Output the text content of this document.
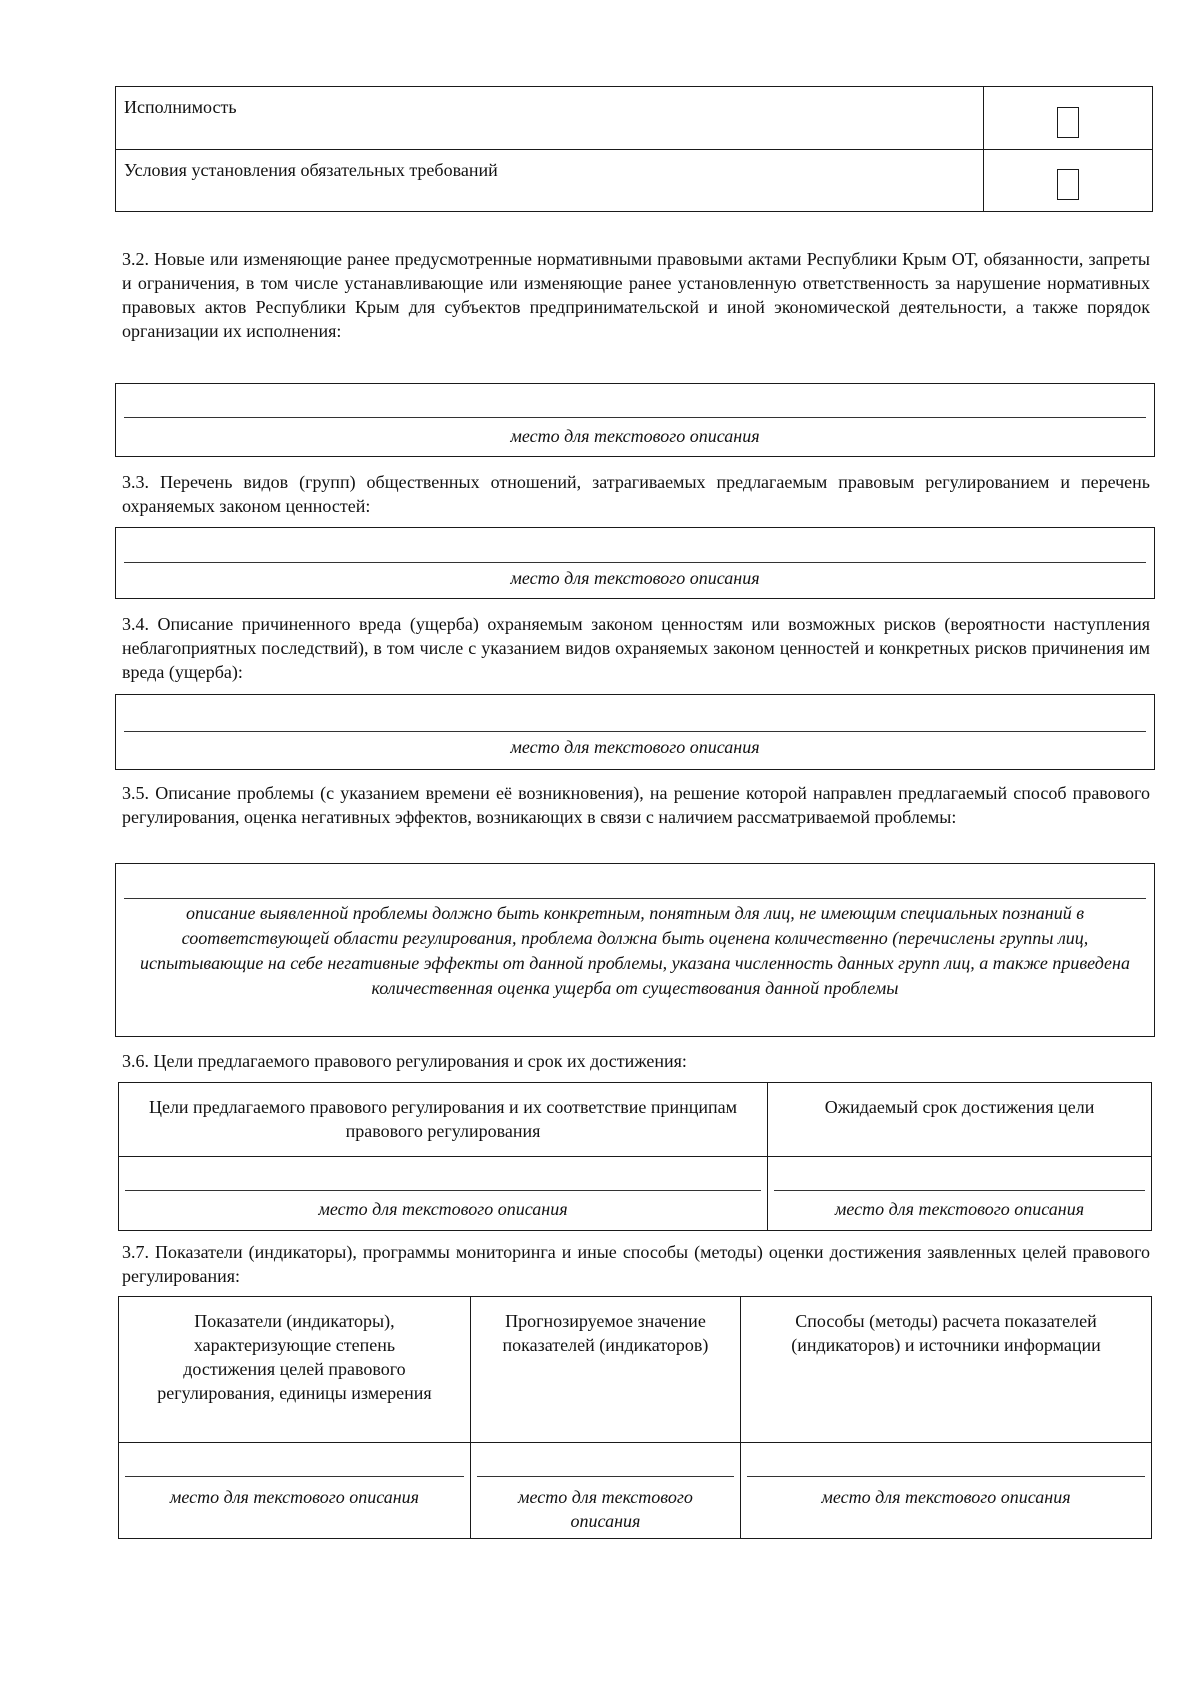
Исполнимость
Условия установления обязательных требований

3.2. Новые или изменяющие ранее предусмотренные нормативными правовыми актами Республики Крым ОТ, обязанности, запреты и ограничения, в том числе устанавливающие или изменяющие ранее установленную ответственность за нарушение нормативных правовых актов Республики Крым для субъектов предпринимательской и иной экономической деятельности, а также порядок организации их исполнения:

место для текстового описания

3.3. Перечень видов (групп) общественных отношений, затрагиваемых предлагаемым правовым регулированием и перечень охраняемых законом ценностей:

место для текстового описания

3.4. Описание причиненного вреда (ущерба) охраняемым законом ценностям или возможных рисков (вероятности наступления неблагоприятных последствий), в том числе с указанием видов охраняемых законом ценностей и конкретных рисков причинения им вреда (ущерба):

место для текстового описания

3.5. Описание проблемы (с указанием времени её возникновения), на решение которой направлен предлагаемый способ правового регулирования, оценка негативных эффектов, возникающих в связи с наличием рассматриваемой проблемы:

описание выявленной проблемы должно быть конкретным, понятным для лиц, не имеющим специальных познаний в соответствующей области регулирования, проблема должна быть оценена количественно (перечислены группы лиц, испытывающие на себе негативные эффекты от данной проблемы, указана численность данных групп лиц, а также приведена количественная оценка ущерба от существования данной проблемы

3.6. Цели предлагаемого правового регулирования и срок их достижения:

Цели предлагаемого правового регулирования и их соответствие принципам правового регулирования	Ожидаемый срок достижения цели

место для текстового описания	место для текстового описания

3.7. Показатели (индикаторы), программы мониторинга и иные способы (методы) оценки достижения заявленных целей правового регулирования:

Показатели (индикаторы), характеризующие степень достижения целей правового регулирования, единицы измерения	Прогнозируемое значение показателей (индикаторов)	Способы (методы) расчета показателей (индикаторов) и источники информации

место для текстового описания	место для текстового описания	место для текстового описания
